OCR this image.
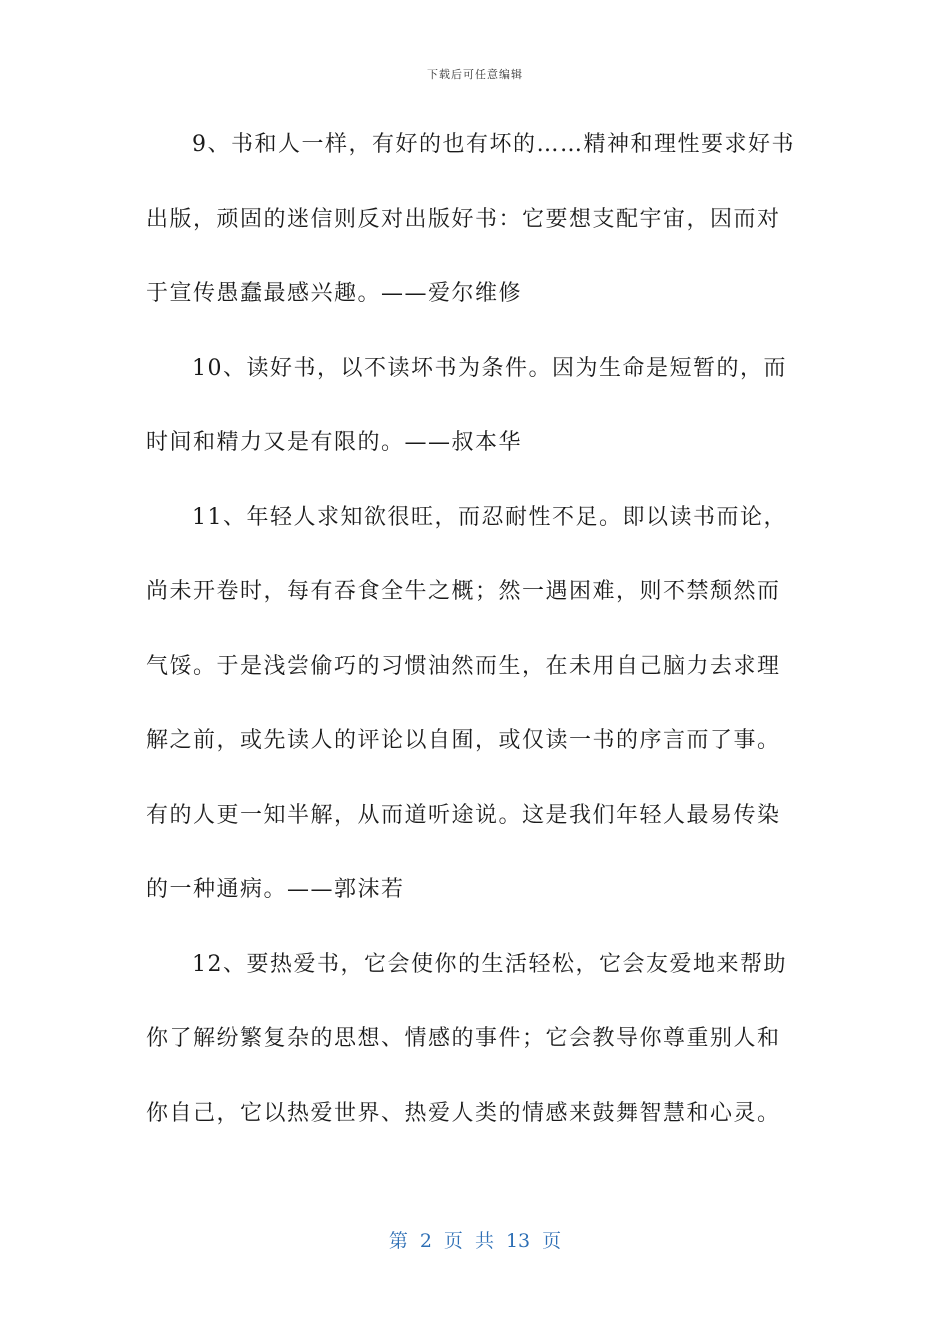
下载后可任意编辑
9、书和人一样，有好的也有坏的……精神和理性要求好书
出版，顽固的迷信则反对出版好书：它要想支配宇宙，因而对
于宣传愚蠢最感兴趣。——爱尔维修
10、读好书，以不读坏书为条件。因为生命是短暂的，而
时间和精力又是有限的。——叔本华
11、年轻人求知欲很旺，而忍耐性不足。即以读书而论，
尚未开卷时，每有吞食全牛之概；然一遇困难，则不禁颓然而
气馁。于是浅尝偷巧的习惯油然而生，在未用自己脑力去求理
解之前，或先读人的评论以自囿，或仅读一书的序言而了事。
有的人更一知半解，从而道听途说。这是我们年轻人最易传染
的一种通病。——郭沫若
12、要热爱书，它会使你的生活轻松，它会友爱地来帮助
你了解纷繁复杂的思想、情感的事件；它会教导你尊重别人和
你自己，它以热爱世界、热爱人类的情感来鼓舞智慧和心灵。
第 2 页 共 13 页
